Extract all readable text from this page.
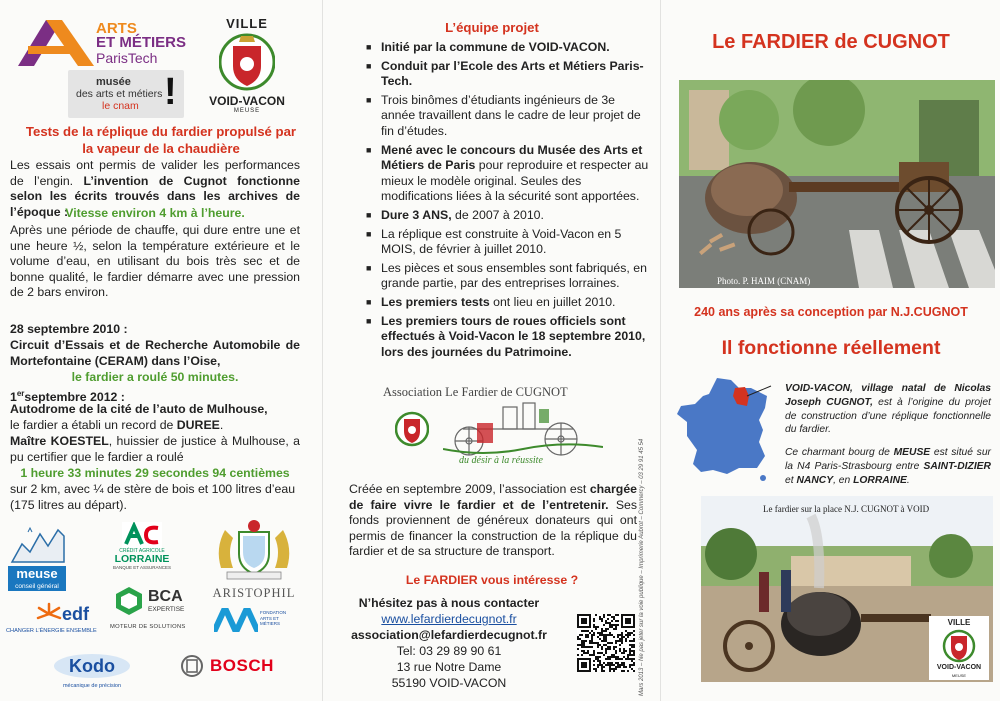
ARTS
ET MÉTIERS
ParisTech
musée
des arts et métiers
le cnam !
VILLE
VOID-VACON
MEUSE
Tests de la réplique du fardier propulsé par la vapeur de la chaudière
Les essais ont permis de valider les performances de l’engin. L’invention de Cugnot fonctionne selon les écrits trouvés dans les archives de l’époque :
Vitesse environ 4 km à l’heure.
Après une période de chauffe, qui dure entre une et une heure ½, selon la température extérieure et le volume d’eau, en utilisant du bois très sec et de bonne qualité, le fardier démarre avec une pression de 2 bars environ.
28 septembre 2010 :
Circuit d’Essais et de Recherche Automobile de Mortefontaine (CERAM) dans l’Oise,
le fardier a roulé 50 minutes.
1erseptembre 2012 :
Autodrome de la cité de l’auto de Mulhouse,
le fardier a établi un record de DUREE.
Maître KOESTEL, huissier de justice à Mulhouse, a pu certifier que le fardier a roulé
1 heure 33 minutes 29 secondes 94 centièmes
sur 2 km, avec ¼ de stère de bois et 100 litres d’eau (175 litres au départ).
meuse
conseil général
CRÉDIT AGRICOLE
LORRAINE
BANQUE ET ASSURANCES
ARISTOPHIL
edf
CHANGER L’ÉNERGIE ENSEMBLE
BCA
EXPERTISE
MOTEUR DE SOLUTIONS
FONDATION ARTS ET MÉTIERS
Kodo
mécanique de précision
BOSCH
L’équipe projet
■ Initié par la commune de VOID-VACON.
■ Conduit par l’Ecole des Arts et Métiers Paris-Tech.
■ Trois binômes d’étudiants ingénieurs de 3e année travaillent dans le cadre de leur projet de fin d’études.
■ Mené avec le concours du Musée des Arts et Métiers de Paris pour reproduire et respecter au mieux le modèle original. Seules des modifications liées à la sécurité sont apportées.
■ Dure 3 ANS, de 2007 à 2010.
■ La réplique est construite à Void-Vacon en 5 MOIS, de février à juillet 2010.
■ Les pièces et sous ensembles sont fabriqués, en grande partie, par des entreprises lorraines.
■ Les premiers tests ont lieu en juillet 2010.
■ Les premiers tours de roues officiels sont effectués à Void-Vacon le 18 septembre 2010, lors des journées du Patrimoine.
Association Le Fardier de CUGNOT
du désir à la réussite
Créée en septembre 2009, l’association est chargée de faire vivre le fardier et de l’entretenir. Ses fonds proviennent de généreux donateurs qui ont permis de financer la construction de la réplique du fardier et de sa structure de transport.
Le FARDIER vous intéresse ?
N’hésitez pas à nous contacter
www.lefardierdecugnot.fr
association@lefardierdecugnot.fr
Tel: 03 29 89 90 61
13 rue Notre Dame
55190 VOID-VACON	Mars 2013 – Ne pas jeter sur la voie publique – Imprimerie Aubrot – Commercy – 03 29 91 45 54
Le FARDIER de CUGNOT
Photo. P. HAIM (CNAM)
240 ans après sa conception par N.J.CUGNOT
Il fonctionne réellement
VOID-VACON, village natal de Nicolas Joseph CUGNOT, est à l’origine du projet de construction d’une réplique fonctionnelle du fardier.
Ce charmant bourg de MEUSE est situé sur la N4 Paris-Strasbourg entre SAINT-DIZIER et NANCY, en LORRAINE.
Le fardier sur la place N.J. CUGNOT à VOID
VILLE
VOID-VACON
MEUSE
